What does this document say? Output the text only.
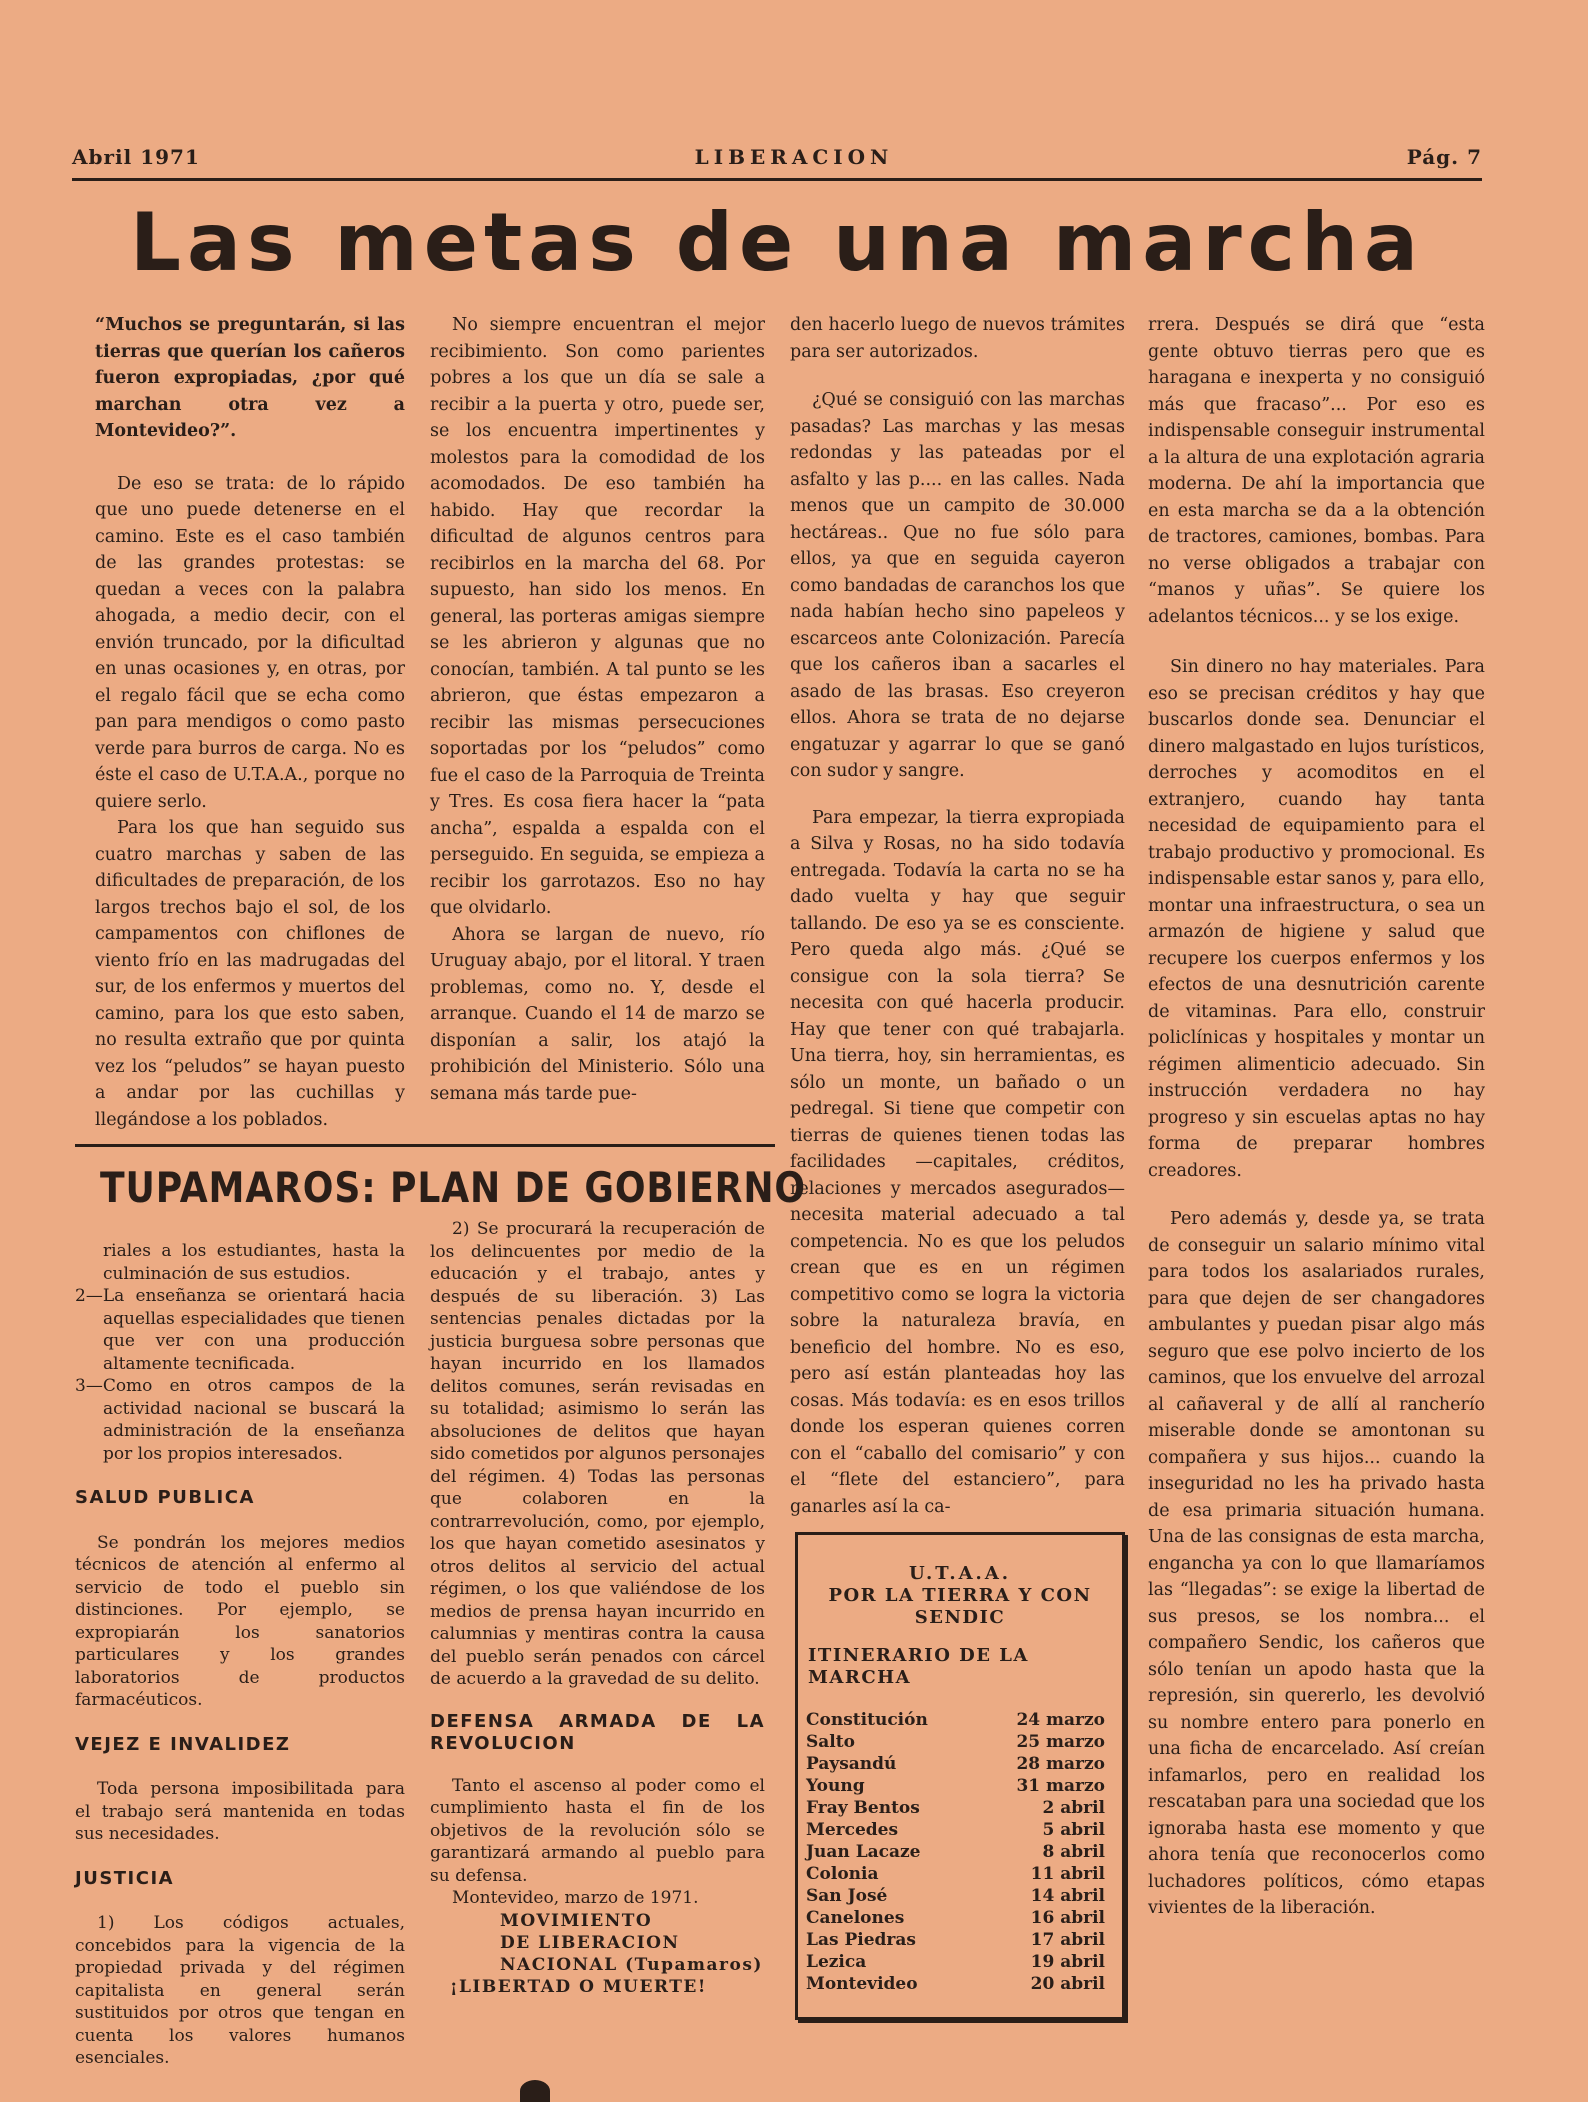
Abril 1971	LIBERACION	Pág. 7
Las metas de una marcha

“Muchos se preguntarán, si las tierras que querían los cañeros fueron expropiadas, ¿por qué marchan otra vez a Montevideo?”.

De eso se trata: de lo rápido que uno puede detenerse en el camino. Este es el caso también de las grandes protestas: se quedan a veces con la palabra ahogada, a medio decir, con el envión truncado, por la dificultad en unas ocasiones y, en otras, por el regalo fácil que se echa como pan para mendigos o como pasto verde para burros de carga. No es éste el caso de U.T.A.A., porque no quiere serlo.

Para los que han seguido sus cuatro marchas y saben de las dificultades de preparación, de los largos trechos bajo el sol, de los campamentos con chiflones de viento frío en las madrugadas del sur, de los enfermos y muertos del camino, para los que esto saben, no resulta extraño que por quinta vez los “peludos” se hayan puesto a andar por las cuchillas y llegándose a los poblados.

No siempre encuentran el mejor recibimiento. Son como parientes pobres a los que un día se sale a recibir a la puerta y otro, puede ser, se los encuentra impertinentes y molestos para la comodidad de los acomodados. De eso también ha habido. Hay que recordar la dificultad de algunos centros para recibirlos en la marcha del 68. Por supuesto, han sido los menos. En general, las porteras amigas siempre se les abrieron y algunas que no conocían, también. A tal punto se les abrieron, que éstas empezaron a recibir las mismas persecuciones soportadas por los “peludos” como fue el caso de la Parroquia de Treinta y Tres. Es cosa fiera hacer la “pata ancha”, espalda a espalda con el perseguido. En seguida, se empieza a recibir los garrotazos. Eso no hay que olvidarlo.

Ahora se largan de nuevo, río Uruguay abajo, por el litoral. Y traen problemas, como no. Y, desde el arranque. Cuando el 14 de marzo se disponían a salir, los atajó la prohibición del Ministerio. Sólo una semana más tarde pue-

den hacerlo luego de nuevos trámites para ser autorizados.

¿Qué se consiguió con las marchas pasadas? Las marchas y las mesas redondas y las pateadas por el asfalto y las p.... en las calles. Nada menos que un campito de 30.000 hectáreas.. Que no fue sólo para ellos, ya que en seguida cayeron como bandadas de caranchos los que nada habían hecho sino papeleos y escarceos ante Colonización. Parecía que los cañeros iban a sacarles el asado de las brasas. Eso creyeron ellos. Ahora se trata de no dejarse engatuzar y agarrar lo que se ganó con sudor y sangre.

Para empezar, la tierra expropiada a Silva y Rosas, no ha sido todavía entregada. Todavía la carta no se ha dado vuelta y hay que seguir tallando. De eso ya se es consciente. Pero queda algo más. ¿Qué se consigue con la sola tierra? Se necesita con qué hacerla producir. Hay que tener con qué trabajarla. Una tierra, hoy, sin herramientas, es sólo un monte, un bañado o un pedregal. Si tiene que competir con tierras de quienes tienen todas las facilidades —capitales, créditos, relaciones y mercados asegurados— necesita material adecuado a tal competencia. No es que los peludos crean que es en un régimen competitivo como se logra la victoria sobre la naturaleza bravía, en beneficio del hombre. No es eso, pero así están planteadas hoy las cosas. Más todavía: es en esos trillos donde los esperan quienes corren con el “caballo del comisario” y con el “flete del estanciero”, para ganarles así la ca-

rrera. Después se dirá que “esta gente obtuvo tierras pero que es haragana e inexperta y no consiguió más que fracaso”... Por eso es indispensable conseguir instrumental a la altura de una explotación agraria moderna. De ahí la importancia que en esta marcha se da a la obtención de tractores, camiones, bombas. Para no verse obligados a trabajar con “manos y uñas”. Se quiere los adelantos técnicos... y se los exige.

Sin dinero no hay materiales. Para eso se precisan créditos y hay que buscarlos donde sea. Denunciar el dinero malgastado en lujos turísticos, derroches y acomoditos en el extranjero, cuando hay tanta necesidad de equipamiento para el trabajo productivo y promocional. Es indispensable estar sanos y, para ello, montar una infraestructura, o sea un armazón de higiene y salud que recupere los cuerpos enfermos y los efectos de una desnutrición carente de vitaminas. Para ello, construir policlínicas y hospitales y montar un régimen alimenticio adecuado. Sin instrucción verdadera no hay progreso y sin escuelas aptas no hay forma de preparar hombres creadores.

Pero además y, desde ya, se trata de conseguir un salario mínimo vital para todos los asalariados rurales, para que dejen de ser changadores ambulantes y puedan pisar algo más seguro que ese polvo incierto de los caminos, que los envuelve del arrozal al cañaveral y de allí al rancherío miserable donde se amontonan su compañera y sus hijos... cuando la inseguridad no les ha privado hasta de esa primaria situación humana. Una de las consignas de esta marcha, engancha ya con lo que llamaríamos las “llegadas”: se exige la libertad de sus presos, se los nombra... el compañero Sendic, los cañeros que sólo tenían un apodo hasta que la represión, sin quererlo, les devolvió su nombre entero para ponerlo en una ficha de encarcelado. Así creían infamarlos, pero en realidad los rescataban para una sociedad que los ignoraba hasta ese momento y que ahora tenía que reconocerlos como luchadores políticos, cómo etapas vivientes de la liberación.

TUPAMAROS: PLAN DE GOBIERNO

riales a los estudiantes, hasta la culminación de sus estudios.

2—La enseñanza se orientará hacia aquellas especialidades que tienen que ver con una producción altamente tecnificada.

3—Como en otros campos de la actividad nacional se buscará la administración de la enseñanza por los propios interesados.

SALUD PUBLICA

Se pondrán los mejores medios técnicos de atención al enfermo al servicio de todo el pueblo sin distinciones. Por ejemplo, se expropiarán los sanatorios particulares y los grandes laboratorios de productos farmacéuticos.

VEJEZ E INVALIDEZ

Toda persona imposibilitada para el trabajo será mantenida en todas sus necesidades.

JUSTICIA

1) Los códigos actuales, concebidos para la vigencia de la propiedad privada y del régimen capitalista en general serán sustituidos por otros que tengan en cuenta los valores humanos esenciales.

2) Se procurará la recuperación de los delincuentes por medio de la educación y el trabajo, antes y después de su liberación. 3) Las sentencias penales dictadas por la justicia burguesa sobre personas que hayan incurrido en los llamados delitos comunes, serán revisadas en su totalidad; asimismo lo serán las absoluciones de delitos que hayan sido cometidos por algunos personajes del régimen. 4) Todas las personas que colaboren en la contrarrevolución, como, por ejemplo, los que hayan cometido asesinatos y otros delitos al servicio del actual régimen, o los que valiéndose de los medios de prensa hayan incurrido en calumnias y mentiras contra la causa del pueblo serán penados con cárcel de acuerdo a la gravedad de su delito.

DEFENSA ARMADA DE LA REVOLUCION

Tanto el ascenso al poder como el cumplimiento hasta el fin de los objetivos de la revolución sólo se garantizará armando al pueblo para su defensa.

Montevideo, marzo de 1971.

MOVIMIENTO
DE LIBERACION
NACIONAL (Tupamaros)
¡LIBERTAD O MUERTE!
U.T.A.A.
POR LA TIERRA Y CON SENDIC
ITINERARIO DE LA MARCHA
Constitución	24 marzo
Salto	25 marzo
Paysandú	28 marzo
Young	31 marzo
Fray Bentos	2 abril
Mercedes	5 abril
Juan Lacaze	8 abril
Colonia	11 abril
San José	14 abril
Canelones	16 abril
Las Piedras	17 abril
Lezica	19 abril
Montevideo	20 abril
